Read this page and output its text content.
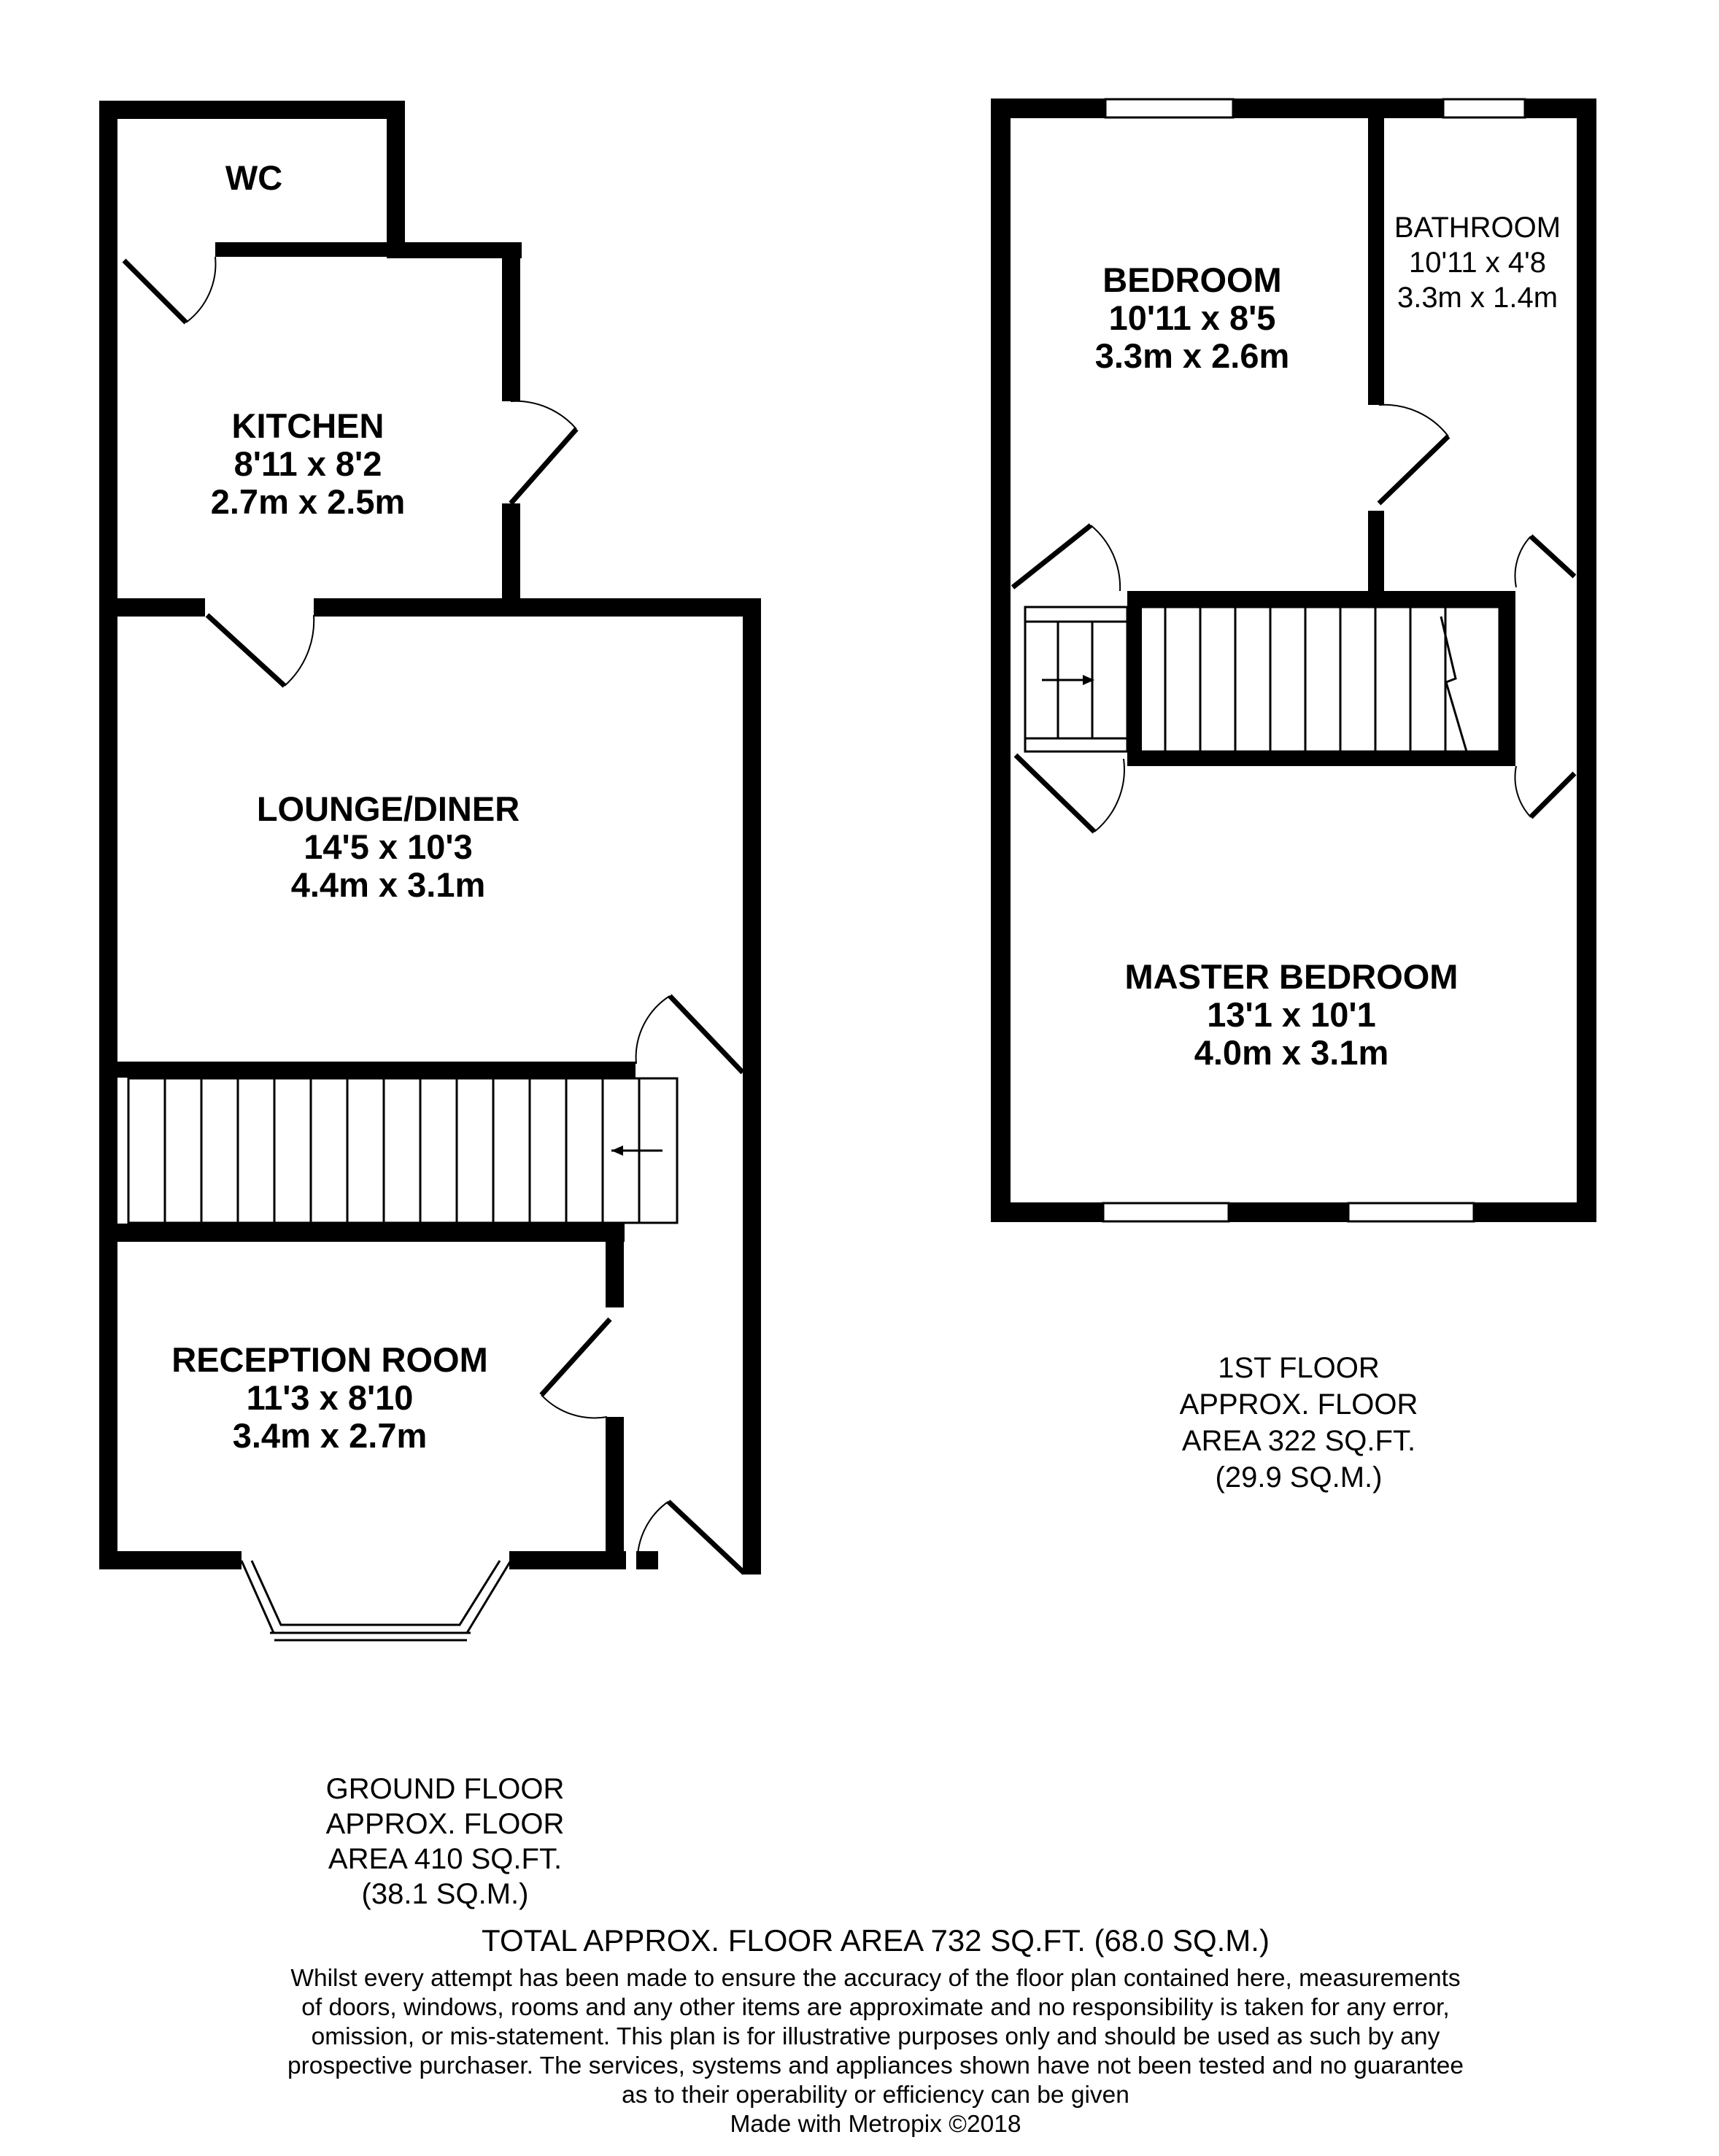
WC
KITCHEN
8'11 x 8'2
2.7m x 2.5m
LOUNGE/DINER
14'5 x 10'3
4.4m x 3.1m
RECEPTION ROOM
11'3 x 8'10
3.4m x 2.7m
BEDROOM
10'11 x 8'5
3.3m x 2.6m
BATHROOM
10'11 x 4'8
3.3m x 1.4m
MASTER BEDROOM
13'1 x 10'1
4.0m x 3.1m
1ST FLOOR
APPROX. FLOOR
AREA 322 SQ.FT.
(29.9 SQ.M.)
GROUND FLOOR
APPROX. FLOOR
AREA 410 SQ.FT.
(38.1 SQ.M.)
TOTAL APPROX. FLOOR AREA 732 SQ.FT. (68.0 SQ.M.)
Whilst every attempt has been made to ensure the accuracy of the floor plan contained here, measurements
of doors, windows, rooms and any other items are approximate and no responsibility is taken for any error,
omission, or mis-statement. This plan is for illustrative purposes only and should be used as such by any
prospective purchaser. The services, systems and appliances shown have not been tested and no guarantee
as to their operability or efficiency can be given
Made with Metropix ©2018
